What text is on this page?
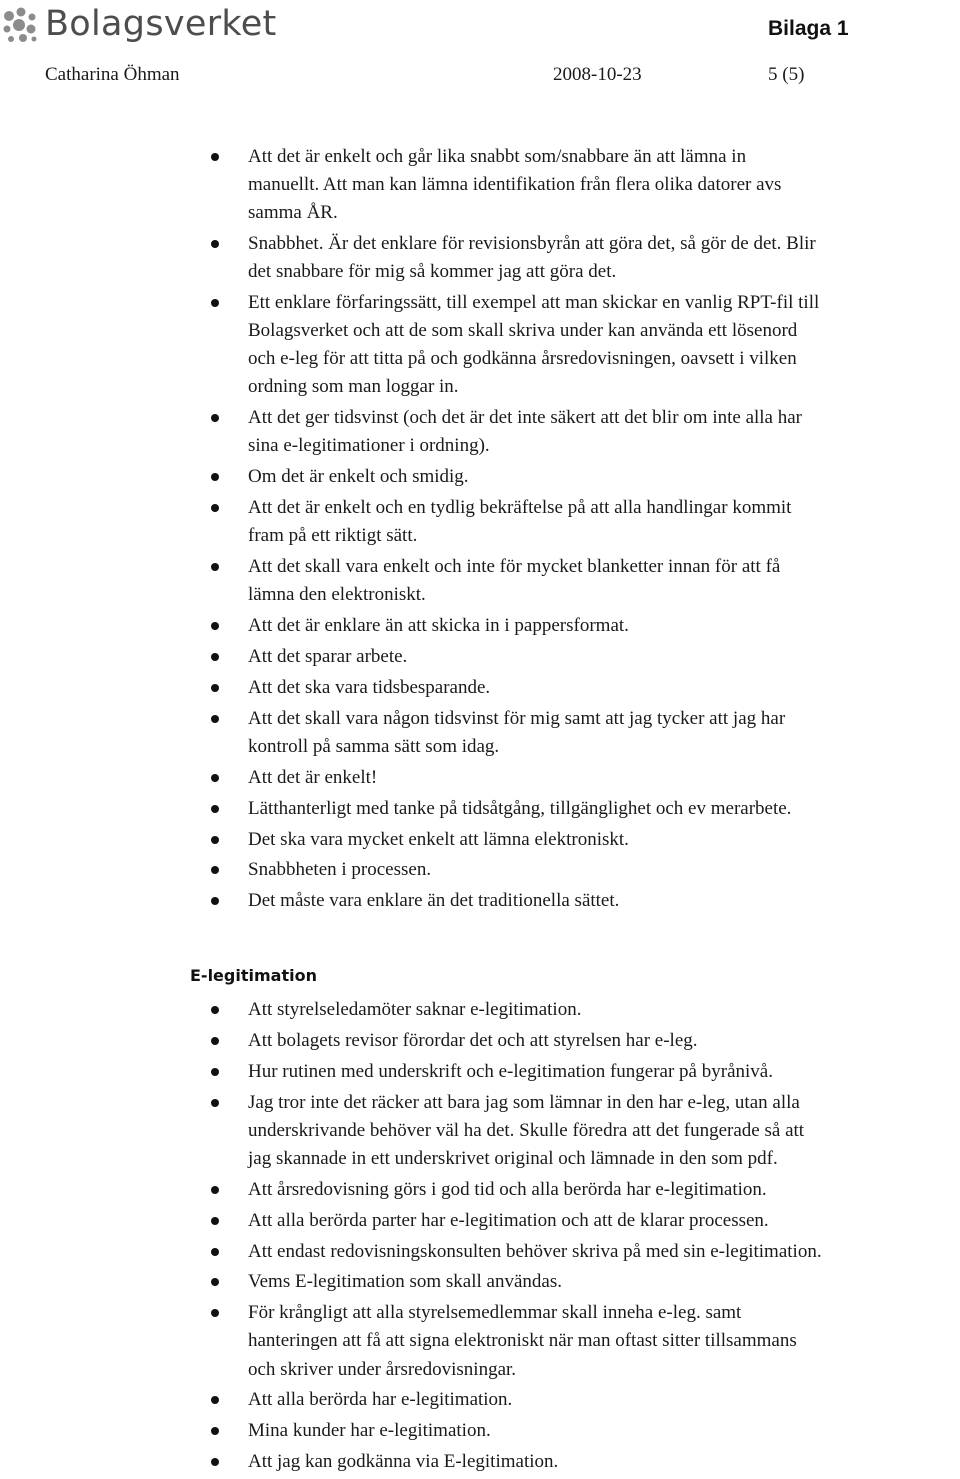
Bolagsverket	Bilaga 1
Catharina Öhman	2008-10-23	5 (5)
Att det är enkelt och går lika snabbt som/snabbare än att lämna in
manuellt. Att man kan lämna identifikation från flera olika datorer avs
samma ÅR.
Snabbhet. Är det enklare för revisionsbyrån att göra det, så gör de det. Blir
det snabbare för mig så kommer jag att göra det.
Ett enklare förfaringssätt, till exempel att man skickar en vanlig RPT-fil till
Bolagsverket och att de som skall skriva under kan använda ett lösenord
och e-leg för att titta på och godkänna årsredovisningen, oavsett i vilken
ordning som man loggar in.
Att det ger tidsvinst (och det är det inte säkert att det blir om inte alla har
sina e-legitimationer i ordning).
Om det är enkelt och smidig.
Att det är enkelt och en tydlig bekräftelse på att alla handlingar kommit
fram på ett riktigt sätt.
Att det skall vara enkelt och inte för mycket blanketter innan för att få
lämna den elektroniskt.
Att det är enklare än att skicka in i pappersformat.
Att det sparar arbete.
Att det ska vara tidsbesparande.
Att det skall vara någon tidsvinst för mig samt att jag tycker att jag har
kontroll på samma sätt som idag.
Att det är enkelt!
Lätthanterligt med tanke på tidsåtgång, tillgänglighet och ev merarbete.
Det ska vara mycket enkelt att lämna elektroniskt.
Snabbheten i processen.
Det måste vara enklare än det traditionella sättet.
E-legitimation
Att styrelseledamöter saknar e-legitimation.
Att bolagets revisor förordar det och att styrelsen har e-leg.
Hur rutinen med underskrift och e-legitimation fungerar på byrånivå.
Jag tror inte det räcker att bara jag som lämnar in den har e-leg, utan alla
underskrivande behöver väl ha det. Skulle föredra att det fungerade så att
jag skannade in ett underskrivet original och lämnade in den som pdf.
Att årsredovisning görs i god tid och alla berörda har e-legitimation.
Att alla berörda parter har e-legitimation och att de klarar processen.
Att endast redovisningskonsulten behöver skriva på med sin e-legitimation.
Vems E-legitimation som skall användas.
För krångligt att alla styrelsemedlemmar skall inneha e-leg. samt
hanteringen att få att signa elektroniskt när man oftast sitter tillsammans
och skriver under årsredovisningar.
Att alla berörda har e-legitimation.
Mina kunder har e-legitimation.
Att jag kan godkänna via E-legitimation.
